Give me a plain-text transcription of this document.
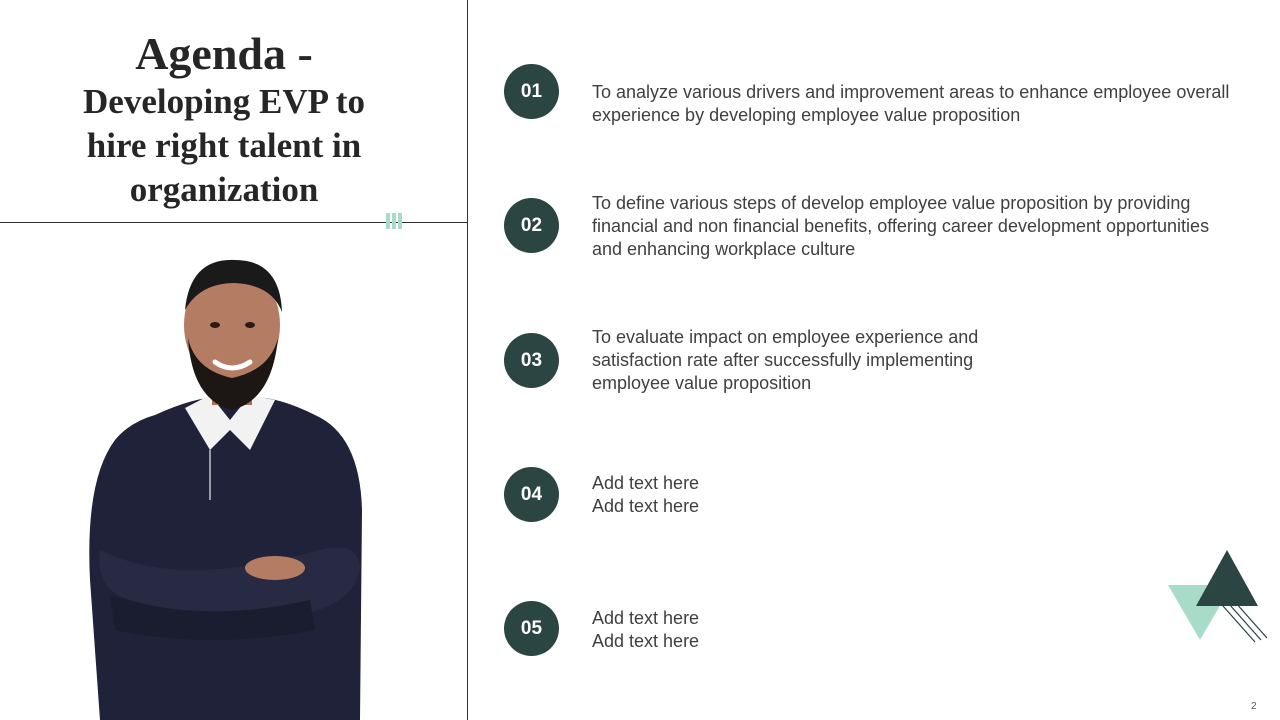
Agenda -
Developing EVP to
hire right talent in
organization
01	To analyze various drivers and improvement areas to enhance employee overall
experience by developing employee value proposition
02
To define various steps of develop employee value proposition by providing
financial and non financial benefits, offering career development opportunities
and enhancing workplace culture
03
To evaluate impact on employee experience and
satisfaction rate after successfully implementing
employee value proposition
04
Add text here
Add text here
05	Add text here
Add text here
2
